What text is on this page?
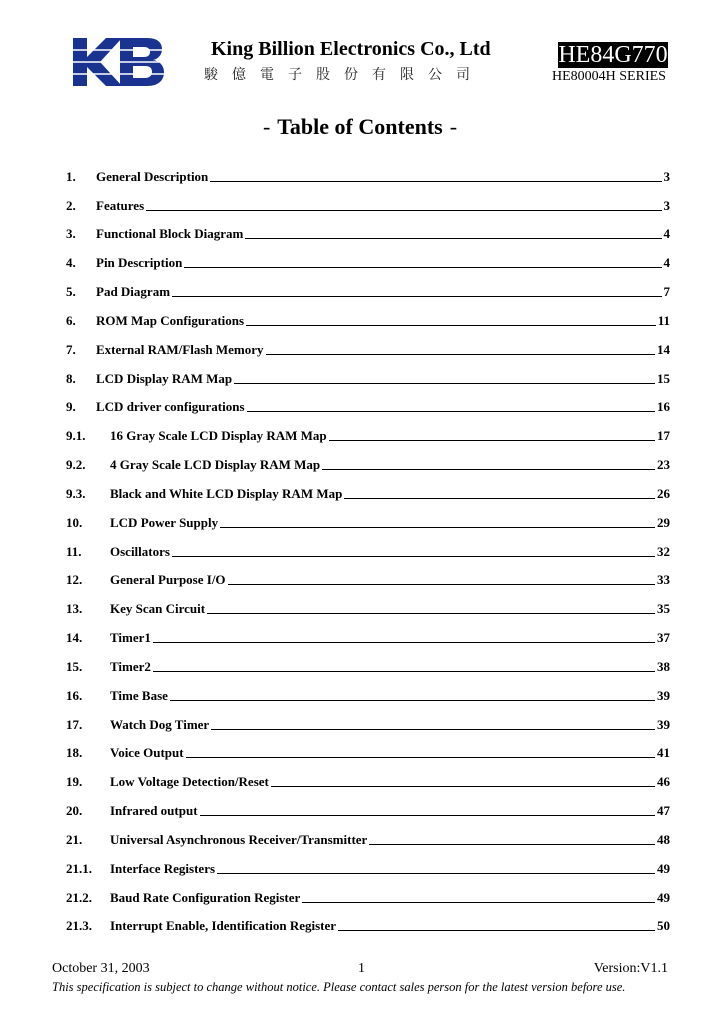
King Billion Electronics Co., Ltd
駿億電子股份有限公司
HE84G770
HE80004H SERIES
- Table of Contents -
1.	General Description	3
2.	Features	3
3.	Functional Block Diagram	4
4.	Pin Description	4
5.	Pad Diagram	7
6.	ROM Map Configurations	11
7.	External RAM/Flash Memory	14
8.	LCD Display RAM Map	15
9.	LCD driver configurations	16
9.1.	16 Gray Scale LCD Display RAM Map	17
9.2.	4 Gray Scale LCD Display RAM Map	23
9.3.	Black and White LCD Display RAM Map	26
10.	LCD Power Supply	29
11.	Oscillators	32
12.	General Purpose I/O	33
13.	Key Scan Circuit	35
14.	Timer1	37
15.	Timer2	38
16.	Time Base	39
17.	Watch Dog Timer	39
18.	Voice Output	41
19.	Low Voltage Detection/Reset	46
20.	Infrared output	47
21.	Universal Asynchronous Receiver/Transmitter	48
21.1.	Interface Registers	49
21.2.	Baud Rate Configuration Register	49
21.3.	Interrupt Enable, Identification Register	50
October 31, 2003	1	Version:V1.1
This specification is subject to change without notice. Please contact sales person for the latest version before use.
